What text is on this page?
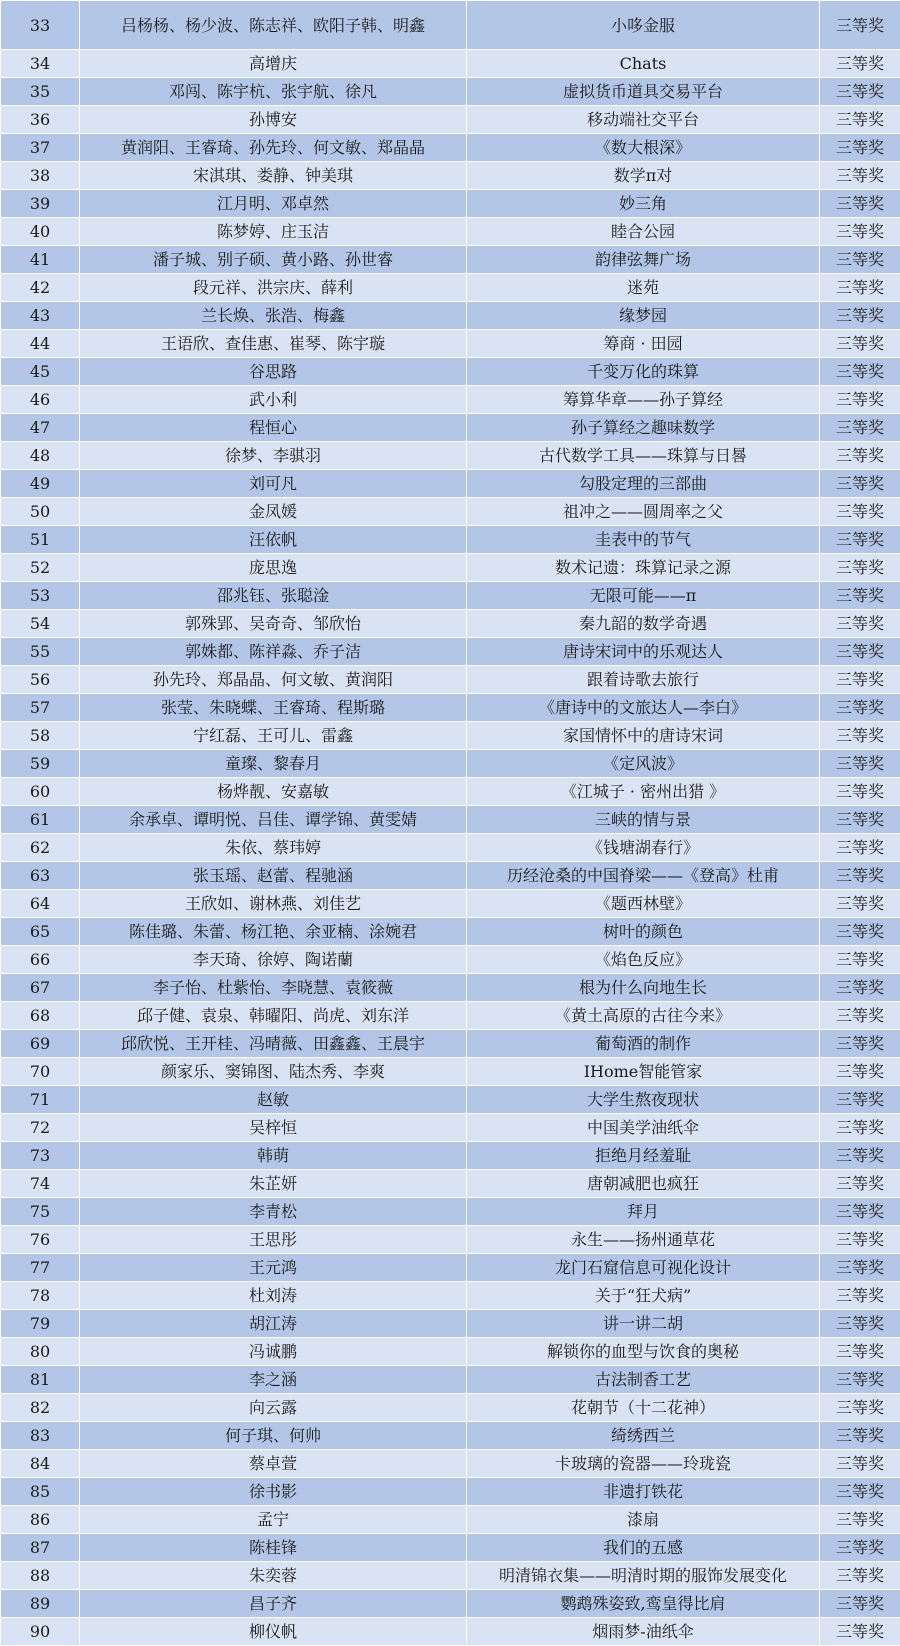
33	吕杨杨、杨少波、陈志祥、欧阳子韩、明鑫	小哆金服	三等奖
34	高增庆	Chats	三等奖
35	邓闯、陈宇杭、张宇航、徐凡	虚拟货币道具交易平台	三等奖
36	孙博安	移动端社交平台	三等奖
37	黄润阳、王睿琦、孙先玲、何文敏、郑晶晶	《数大根深》	三等奖
38	宋淇琪、娄静、钟美琪	数学π对	三等奖
39	江月明、邓卓然	妙三角	三等奖
40	陈梦婷、庄玉洁	睦合公园	三等奖
41	潘子城、别子硕、黄小路、孙世睿	韵律弦舞广场	三等奖
42	段元祥、洪宗庆、薛利	迷苑	三等奖
43	兰长焕、张浩、梅鑫	缘梦园	三等奖
44	王语欣、查佳惠、崔琴、陈宇璇	筹商 · 田园	三等奖
45	谷思路	千变万化的珠算	三等奖
46	武小利	筹算华章——孙子算经	三等奖
47	程恒心	孙子算经之趣味数学	三等奖
48	徐梦、李骐羽	古代数学工具——珠算与日晷	三等奖
49	刘可凡	勾股定理的三部曲	三等奖
50	金凤媛	祖冲之——圆周率之父	三等奖
51	汪依帆	圭表中的节气	三等奖
52	庞思逸	数术记遗：珠算记录之源	三等奖
53	邵兆钰、张聪淦	无限可能——π	三等奖
54	郭殊郢、吴奇奇、邹欣怡	秦九韶的数学奇遇	三等奖
55	郭姝都、陈祥淼、乔子洁	唐诗宋词中的乐观达人	三等奖
56	孙先玲、郑晶晶、何文敏、黄润阳	跟着诗歌去旅行	三等奖
57	张莹、朱晓蝶、王睿琦、程斯璐	《唐诗中的文旅达人—李白》	三等奖
58	宁红磊、王可儿、雷鑫	家国情怀中的唐诗宋词	三等奖
59	童璨、黎春月	《定风波》	三等奖
60	杨烨靓、安嘉敏	《江城子 · 密州出猎 》	三等奖
61	余承卓、谭明悦、吕佳、谭学锦、黄雯婧	三峡的情与景	三等奖
62	朱依、蔡玮婷	《钱塘湖春行》	三等奖
63	张玉瑶、赵蕾、程驰涵	历经沧桑的中国脊梁——《登高》杜甫	三等奖
64	王欣如、谢林燕、刘佳艺	《题西林壁》	三等奖
65	陈佳璐、朱蕾、杨江艳、余亚楠、涂婉君	树叶的颜色	三等奖
66	李天琦、徐婷、陶诺蘭	《焰色反应》	三等奖
67	李子怡、杜紫怡、李晓慧、袁筱薇	根为什么向地生长	三等奖
68	邱子健、袁泉、韩曜阳、尚虎、刘东洋	《黄土高原的古往今来》	三等奖
69	邱欣悦、王开桂、冯晴薇、田鑫鑫、王晨宇	葡萄酒的制作	三等奖
70	颜家乐、窦锦图、陆杰秀、李爽	IHome智能管家	三等奖
71	赵敏	大学生熬夜现状	三等奖
72	吴梓恒	中国美学油纸伞	三等奖
73	韩萌	拒绝月经羞耻	三等奖
74	朱芷妍	唐朝减肥也疯狂	三等奖
75	李青松	拜月	三等奖
76	王思彤	永生——扬州通草花	三等奖
77	王元鸿	龙门石窟信息可视化设计	三等奖
78	杜刘涛	关于“狂犬病”	三等奖
79	胡江涛	讲一讲二胡	三等奖
80	冯诚鹏	解锁你的血型与饮食的奥秘	三等奖
81	李之涵	古法制香工艺	三等奖
82	向云露	花朝节（十二花神）	三等奖
83	何子琪、何帅	绮绣西兰	三等奖
84	蔡卓萱	卡玻璃的瓷器——玲珑瓷	三等奖
85	徐书影	非遗打铁花	三等奖
86	孟宁	漆扇	三等奖
87	陈桂锋	我们的五感	三等奖
88	朱奕蓉	明清锦衣集——明清时期的服饰发展变化	三等奖
89	昌子齐	鹦鹉殊姿致,鸾皇得比肩	三等奖
90	柳仪帆	烟雨梦-油纸伞	三等奖
